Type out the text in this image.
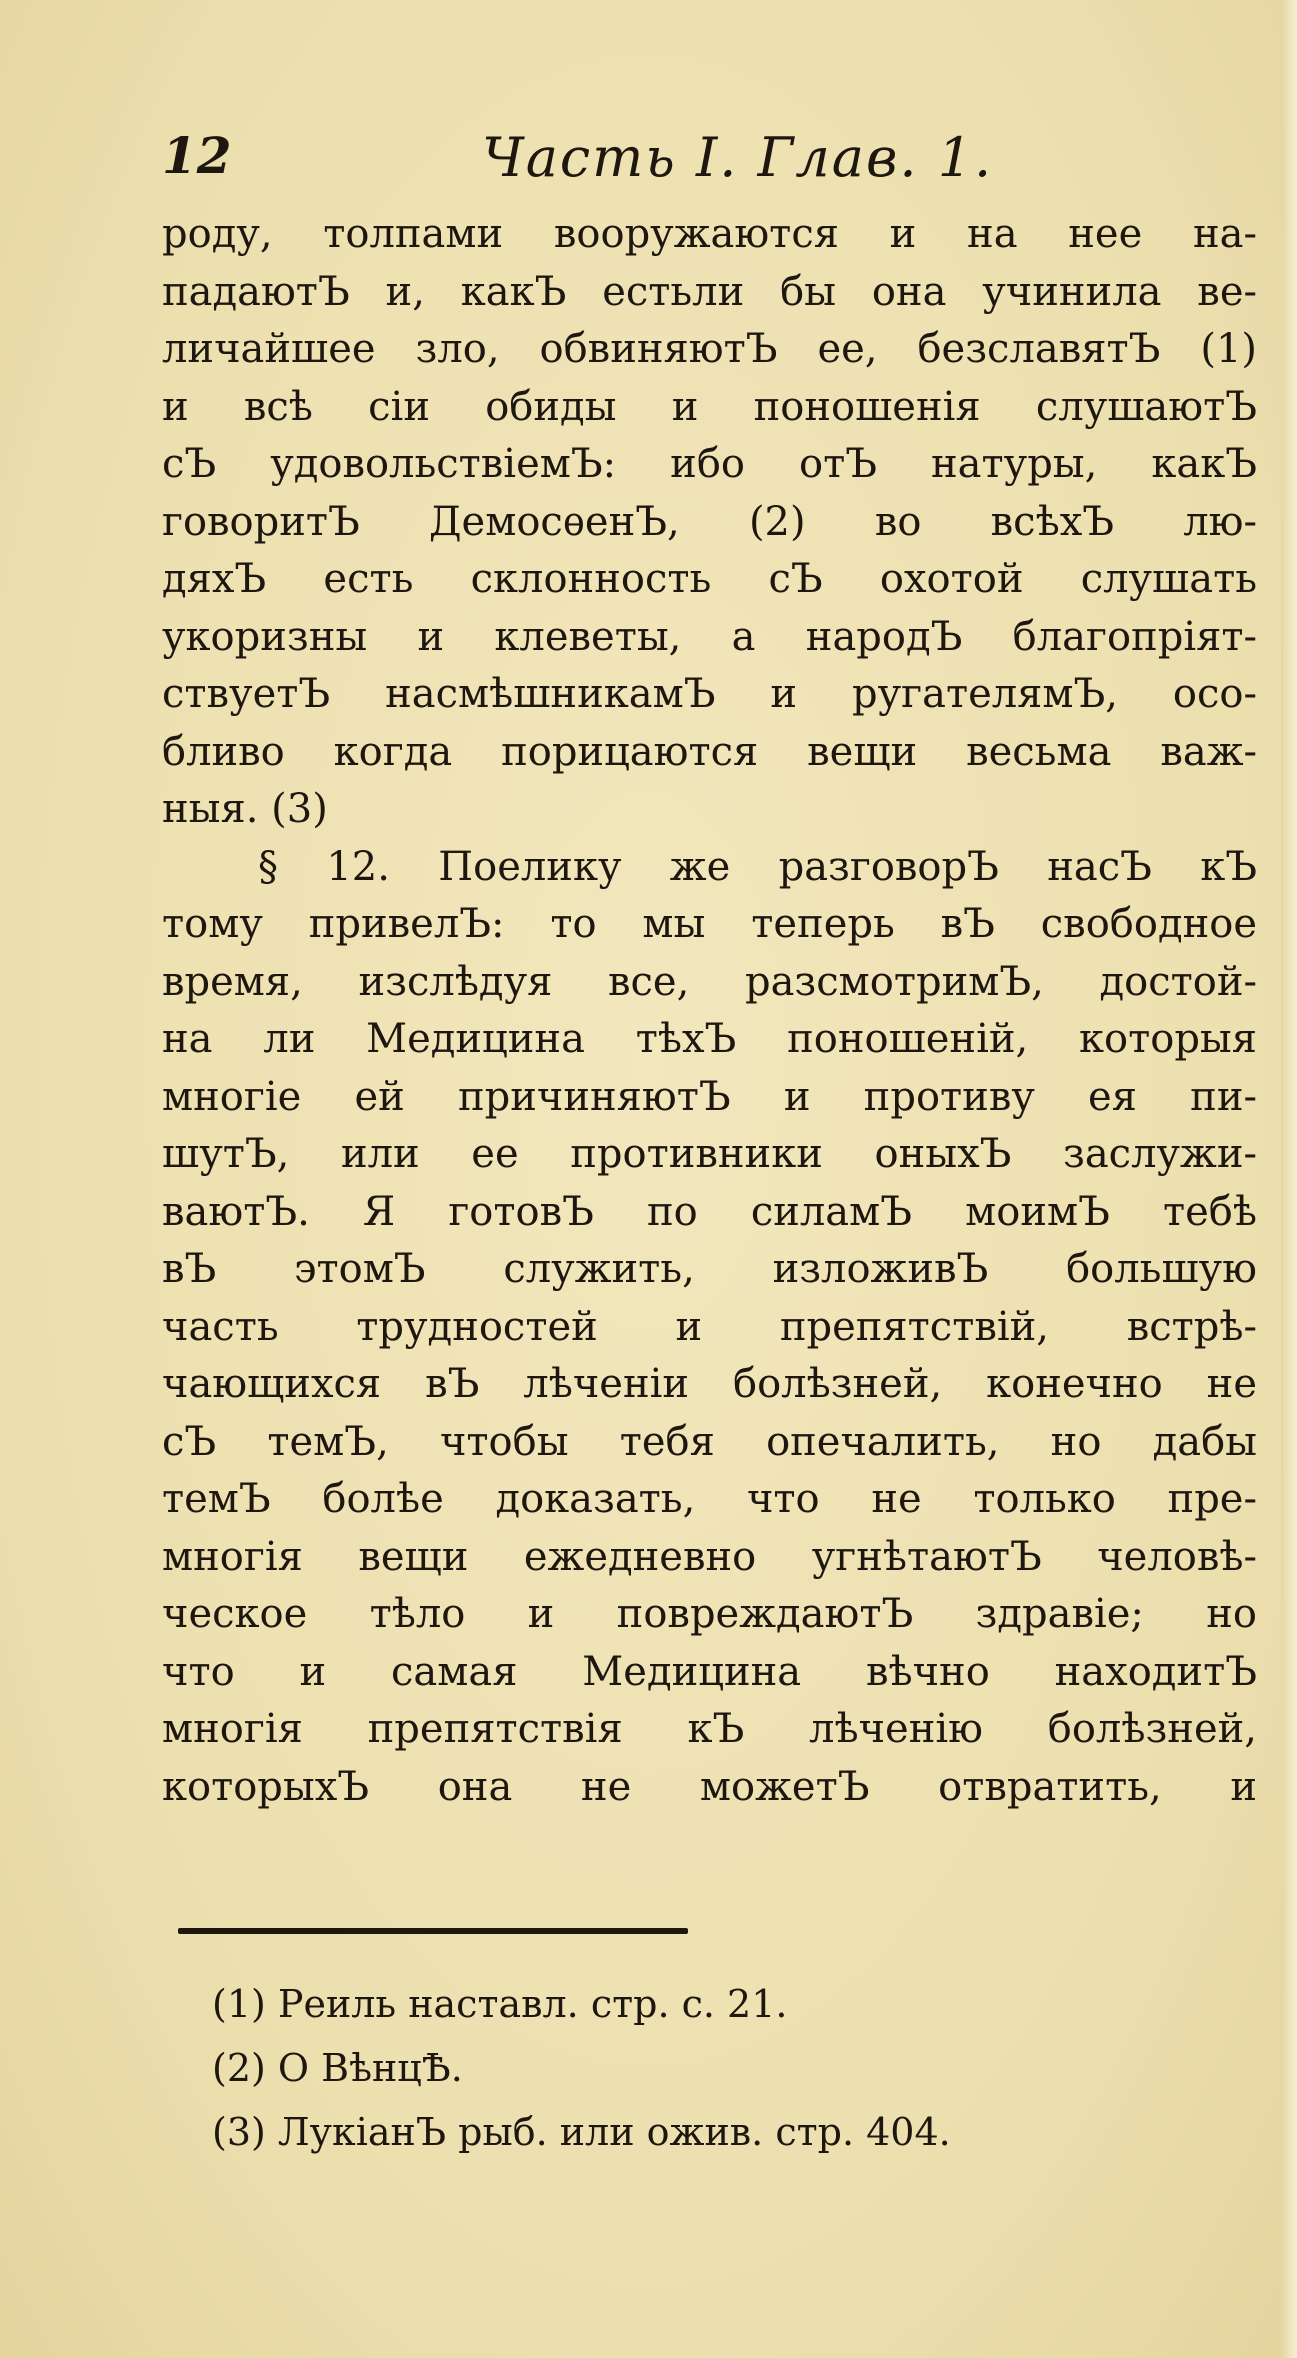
12	Часть I. Глав. 1.
роду, толпами вооружаются и на нее на-
падаютЪ и, какЪ естьли бы она учинила ве-
личайшее зло, обвиняютЪ ее, безславятЪ (1)
и всѣ сіи обиды и поношенія слушаютЪ
сЪ удовольствіемЪ: ибо отЪ натуры, какЪ
говоритЪ ДемосѳенЪ, (2) во всѣхЪ лю-
дяхЪ есть склонность сЪ охотой слушать
укоризны и клеветы, а народЪ благопріят-
ствуетЪ насмѣшникамЪ и ругателямЪ, осо-
бливо когда порицаются вещи весьма важ-
ныя. (3)
§ 12. Поелику же разговорЪ насЪ кЪ
тому привелЪ: то мы теперь вЪ свободное
время, изслѣдуя все, разсмотримЪ, достой-
на ли Медицина тѣхЪ поношеній, которыя
многіе ей причиняютЪ и противу ея пи-
шутЪ, или ее противники оныхЪ заслужи-
ваютЪ. Я готовЪ по силамЪ моимЪ тебѣ
вЪ этомЪ служить, изложивЪ большую
часть трудностей и препятствій, встрѣ-
чающихся вЪ лѣченіи болѣзней, конечно не
сЪ темЪ, чтобы тебя опечалить, но дабы
темЪ болѣе доказать, что не только пре-
многія вещи ежедневно угнѣтаютЪ человѣ-
ческое тѣло и повреждаютЪ здравіе; но
что и самая Медицина вѣчно находитЪ
многія препятствія кЪ лѣченію болѣзней,
которыхЪ она не можетЪ отвратить, и
(1) Реиль наставл. стр. с. 21.
(2) О ВѣнцѢ.
(3) ЛукіанЪ рыб. или ожив. стр. 404.
